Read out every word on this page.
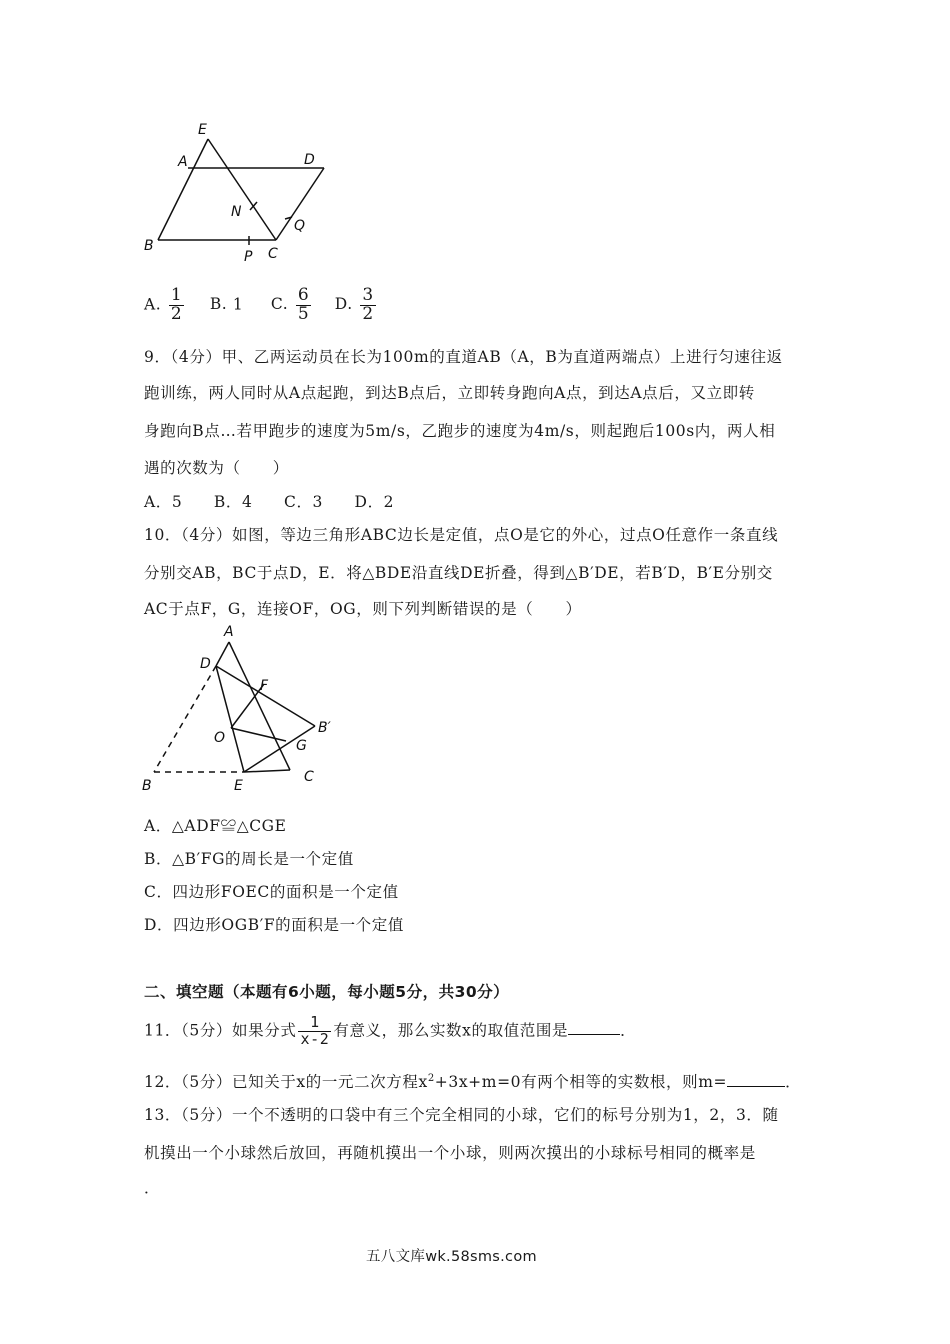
E
A	D
N
Q
B
P C
A. $\frac{1}{2} B$. 1 C. $\frac{6}{5} D$. $\frac{3}{2}$
9．（4分）甲、乙两运动员在长为100m的直道AB（A，B为直道两端点）上进行匀速往返
跑训练，两人同时从A点起跑，到达B点后，立即转身跑向A点，到达A点后，又立即转
身跑向B点…若甲跑步的速度为5m/s，乙跑步的速度为4m/s，则起跑后100s内，两人相
遇的次数为（　　）
A．5 B．4 C．3 D．2
10．（4分）如图，等边三角形ABC边长是定值，点O是它的外心，过点O任意作一条直线
分别交AB，BC于点D，E．将△BDE沿直线DE折叠，得到△B′DE，若B′D，B′E分别交
AC于点F，G，连接OF，OG，则下列判断错误的是（　　）
A
D
F
B′
O	G
B	E
C
A．△ADF≌△CGE
B．△B′FG的周长是一个定值
C．四边形FOEC的面积是一个定值
D．四边形OGB′F的面积是一个定值
二、填空题（本题有6小题，每小题5分，共30分）
11．（5分）如果分式 $\frac{1}{x-2}$ 有意义，那么实数x的取值范围是	．
12．（5分）已知关于x的一元二次方程$x^2+3x+m=0$有两个相等的实数根，则m=	．
13．（5分）一个不透明的口袋中有三个完全相同的小球，它们的标号分别为1，2，3．随
机摸出一个小球然后放回，再随机摸出一个小球，则两次摸出的小球标号相同的概率是
．
五八文库wk.58sms.com
